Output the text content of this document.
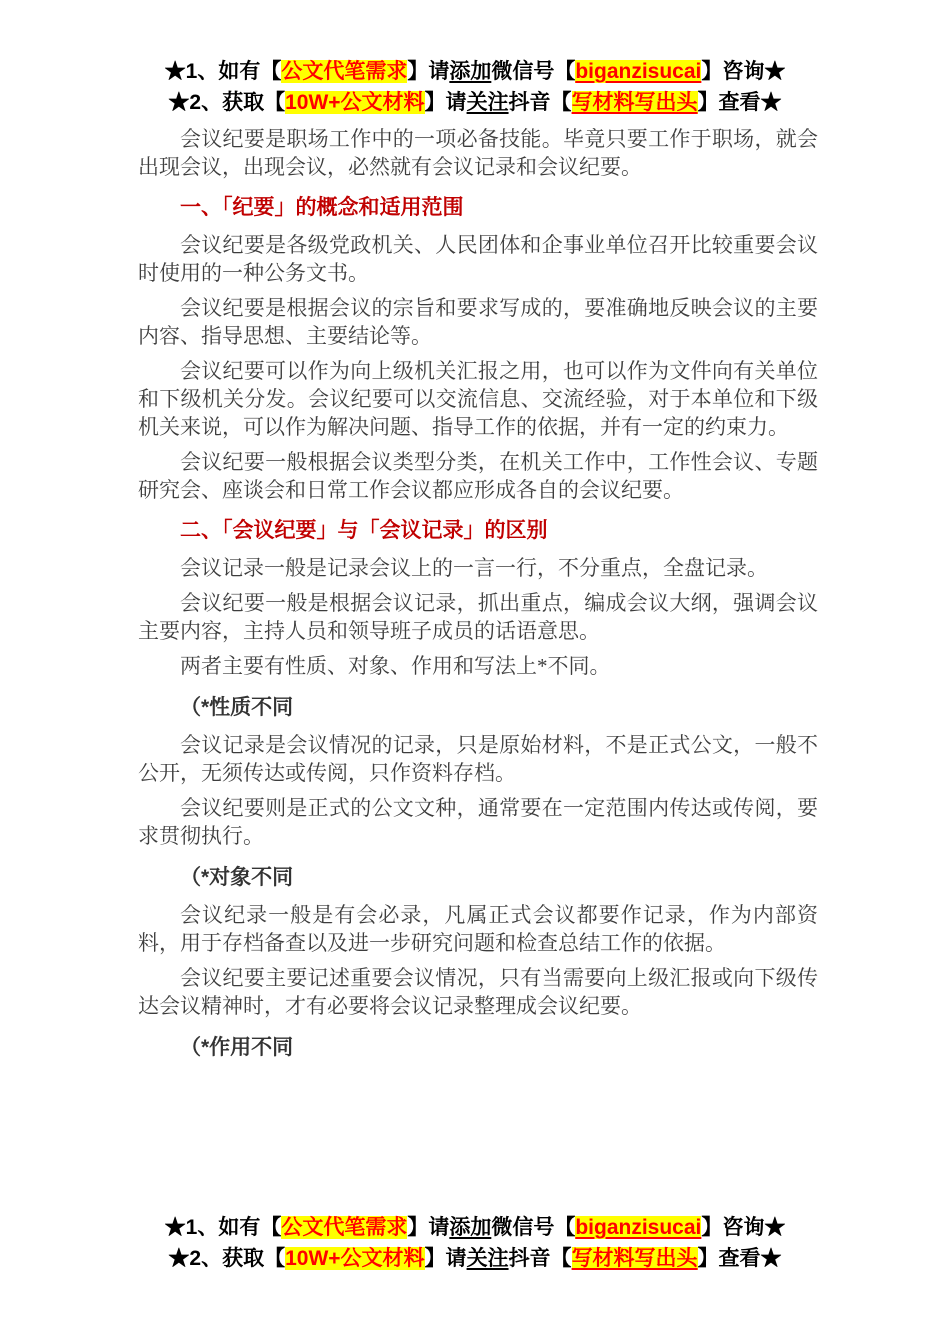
★1、如有【公文代笔需求】请添加微信号【biganzisucai】咨询★
★2、获取【10W+公文材料】请关注抖音【写材料写出头】查看★

会议纪要是职场工作中的一项必备技能。毕竟只要工作于职场，就会出现会议，出现会议，必然就有会议记录和会议纪要。

一、「纪要」的概念和适用范围

会议纪要是各级党政机关、人民团体和企事业单位召开比较重要会议时使用的一种公务文书。

会议纪要是根据会议的宗旨和要求写成的，要准确地反映会议的主要内容、指导思想、主要结论等。

会议纪要可以作为向上级机关汇报之用，也可以作为文件向有关单位和下级机关分发。会议纪要可以交流信息、交流经验，对于本单位和下级机关来说，可以作为解决问题、指导工作的依据，并有一定的约束力。

会议纪要一般根据会议类型分类，在机关工作中，工作性会议、专题研究会、座谈会和日常工作会议都应形成各自的会议纪要。

二、「会议纪要」与「会议记录」的区别

会议记录一般是记录会议上的一言一行，不分重点，全盘记录。

会议纪要一般是根据会议记录，抓出重点，编成会议大纲，强调会议主要内容，主持人员和领导班子成员的话语意思。

两者主要有性质、对象、作用和写法上*不同。

（*性质不同

会议记录是会议情况的记录，只是原始材料，不是正式公文，一般不公开，无须传达或传阅，只作资料存档。

会议纪要则是正式的公文文种，通常要在一定范围内传达或传阅，要求贯彻执行。

（*对象不同

会议纪录一般是有会必录，凡属正式会议都要作记录，作为内部资料，用于存档备查以及进一步研究问题和检查总结工作的依据。

会议纪要主要记述重要会议情况，只有当需要向上级汇报或向下级传达会议精神时，才有必要将会议记录整理成会议纪要。

（*作用不同

★1、如有【公文代笔需求】请添加微信号【biganzisucai】咨询★
★2、获取【10W+公文材料】请关注抖音【写材料写出头】查看★
